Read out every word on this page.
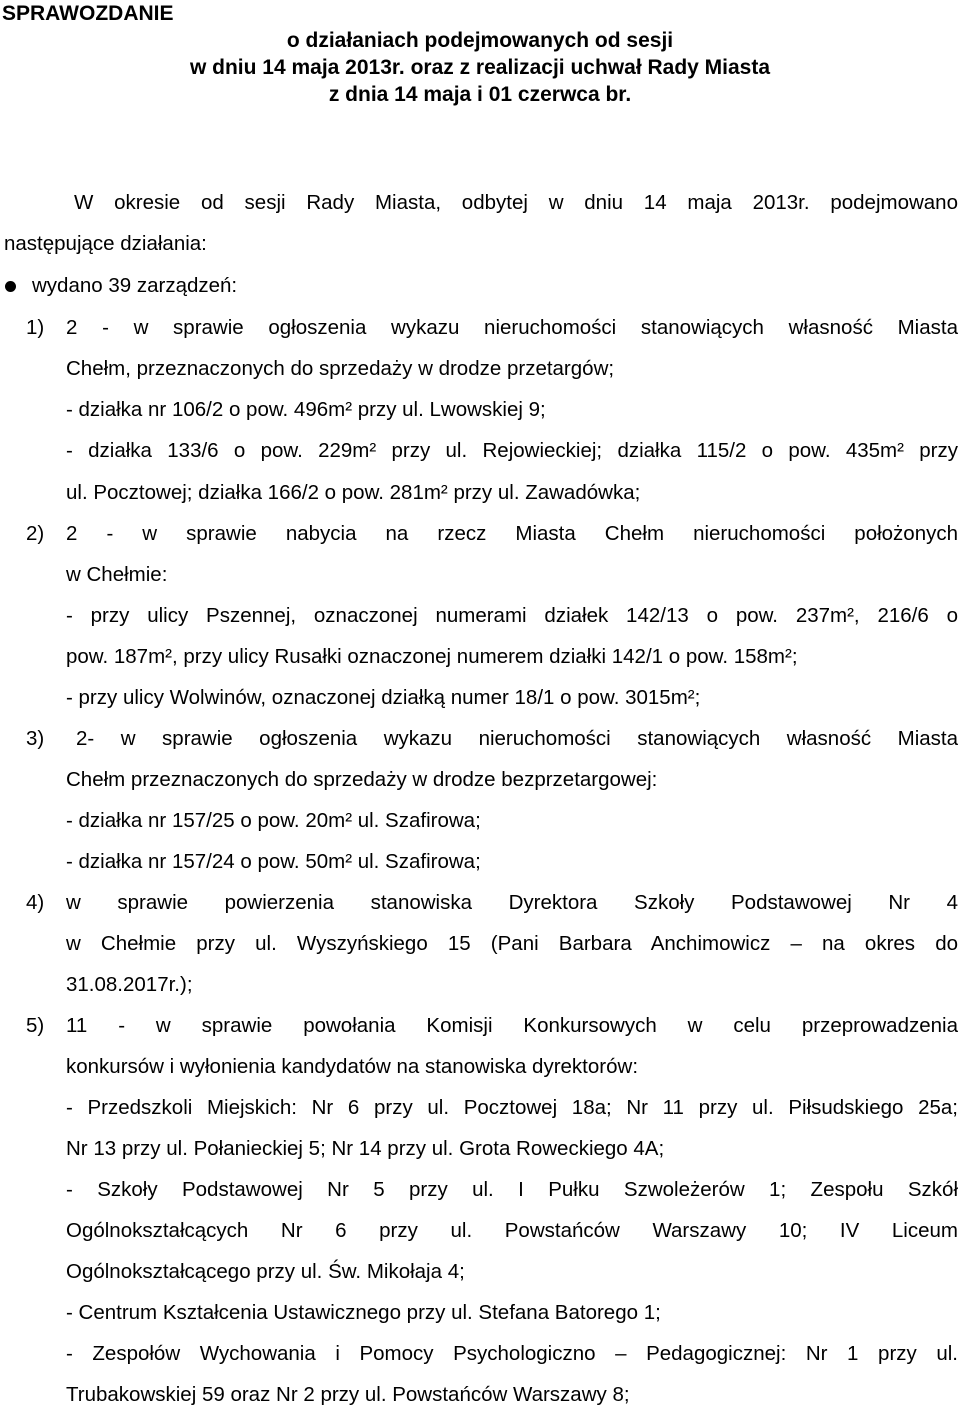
SPRAWOZDANIE
o działaniach podejmowanych od sesji
w dniu 14 maja 2013r. oraz z realizacji uchwał Rady Miasta
z dnia 14 maja i 01 czerwca br.
W okresie od sesji Rady Miasta, odbytej w dniu 14 maja 2013r. podejmowano
następujące działania:
wydano 39 zarządzeń:
1) 2 - w sprawie ogłoszenia wykazu nieruchomości stanowiących własność Miasta
Chełm, przeznaczonych do sprzedaży w drodze przetargów;
- działka nr 106/2 o pow. 496m² przy ul. Lwowskiej 9;
- działka 133/6 o pow. 229m² przy ul. Rejowieckiej; działka 115/2 o pow. 435m² przy
ul. Pocztowej; działka 166/2 o pow. 281m² przy ul. Zawadówka;
2) 2 - w sprawie nabycia na rzecz Miasta Chełm nieruchomości położonych
w Chełmie:
- przy ulicy Pszennej, oznaczonej numerami działek 142/13 o pow. 237m², 216/6 o
pow. 187m², przy ulicy Rusałki oznaczonej numerem działki 142/1 o pow. 158m²;
- przy ulicy Wolwinów, oznaczonej działką numer 18/1 o pow. 3015m²;
3) 2- w sprawie ogłoszenia wykazu nieruchomości stanowiących własność Miasta
Chełm przeznaczonych do sprzedaży w drodze bezprzetargowej:
- działka nr 157/25 o pow. 20m² ul. Szafirowa;
- działka nr 157/24 o pow. 50m² ul. Szafirowa;
4) w sprawie powierzenia stanowiska Dyrektora Szkoły Podstawowej Nr 4
w Chełmie przy ul. Wyszyńskiego 15 (Pani Barbara Anchimowicz – na okres do
31.08.2017r.);
5) 11 - w sprawie powołania Komisji Konkursowych w celu przeprowadzenia
konkursów i wyłonienia kandydatów na stanowiska dyrektorów:
- Przedszkoli Miejskich: Nr 6 przy ul. Pocztowej 18a; Nr 11 przy ul. Piłsudskiego 25a;
Nr 13 przy ul. Połanieckiej 5; Nr 14 przy ul. Grota Roweckiego 4A;
- Szkoły Podstawowej Nr 5 przy ul. I Pułku Szwoleżerów 1; Zespołu Szkół
Ogólnokształcących Nr 6 przy ul. Powstańców Warszawy 10; IV Liceum
Ogólnokształcącego przy ul. Św. Mikołaja 4;
- Centrum Kształcenia Ustawicznego przy ul. Stefana Batorego 1;
- Zespołów Wychowania i Pomocy Psychologiczno – Pedagogicznej: Nr 1 przy ul.
Trubakowskiej 59 oraz Nr 2 przy ul. Powstańców Warszawy 8;
